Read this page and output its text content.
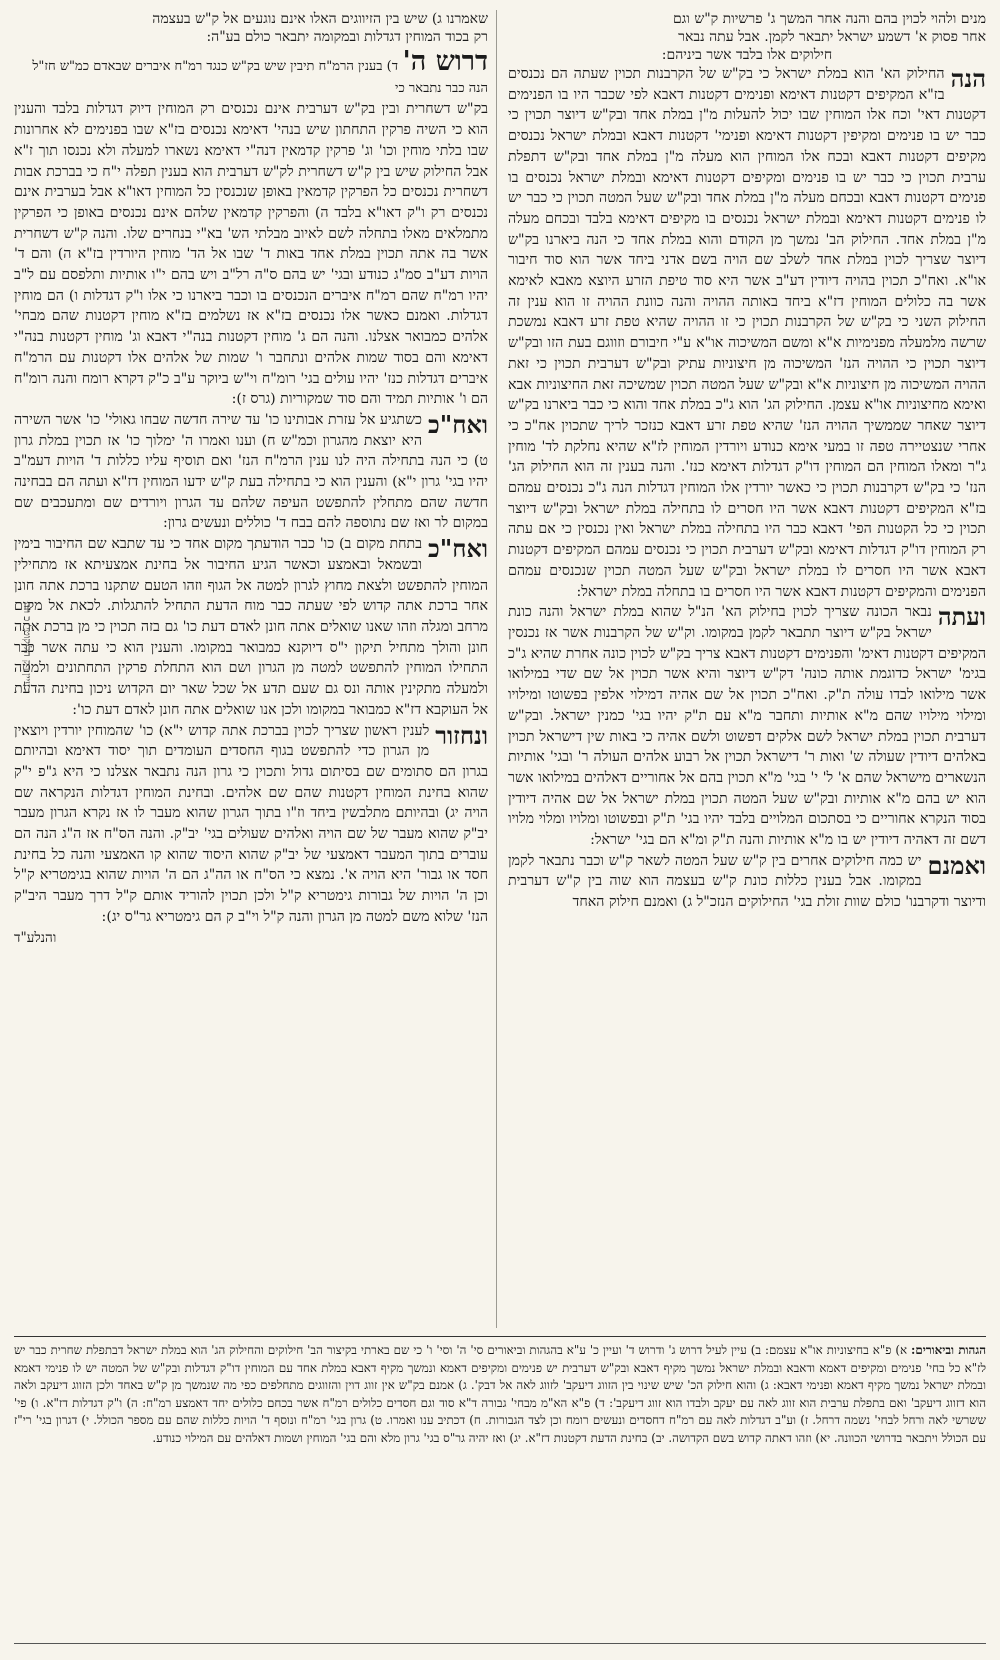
מנים ולהוי לכוין בהם והנה אחר המשך ג' פרשיות ק"ש וגם

אחר פסוק א' דשמע ישראל יתבאר לקמן. אבל עתה נבאר

חילוקים אלו בלבד אשר ביניהם:

הנה
החילוק הא' הוא במלת ישראל כי בק"ש של הקרבנות תכוין שעתה הם נכנסים בז"א המקיפים דקטנות דאימא ופנימים דקטנות דאבא לפי שכבר היו בו הפנימים דקטנות דאי' וכח אלו המוחין שבו יכול להעלות מ"ן במלת אחד ובק"ש דיוצר תכוין כי כבר יש בו פנימים ומקיפין דקטנות דאימא ופנימי' דקטנות דאבא ובמלת ישראל נכנסים מקיפים דקטנות דאבא ובכח אלו המוחין הוא מעלה מ"ן במלת אחד ובק"ש דתפלת ערבית תכוין כי כבר יש בו פנימים ומקיפים דקטנות דאימא ובמלת ישראל נכנסים בו פנימים דקטנות דאבא ובכחם מעלה מ"ן במלת אחד ובק"ש שעל המטה תכוין כי כבר יש לו פנימים דקטנות דאימא ובמלת ישראל נכנסים בו מקיפים דאימא בלבד ובכחם מעלה מ"ן במלת אחד. החילוק הב' נמשך מן הקודם והוא במלת אחד כי הנה ביארנו בק"ש דיוצר שצריך לכוין במלת אחד לשלב שם הויה בשם אדני ביחד אשר הוא סוד חיבור או"א. ואח"כ תכוין בהויה דיודין דע"ב אשר היא סוד טיפת הזרע היוצא מאבא לאימא אשר בה כלולים המוחין דז"א ביחד באותה ההויה והנה כוונת ההויה זו הוא ענין זה החילוק השני כי בק"ש של הקרבנות תכוין כי זו ההויה שהיא טפת זרע דאבא נמשכת שרשה מלמעלה מפנימיות א"א ומשם המשיכוה או"א ע"י חיבורם וזווגם בעת הזו ובק"ש דיוצר תכוין כי ההויה הנז' המשיכוה מן חיצוניות עתיק ובק"ש דערבית תכוין כי זאת ההויה המשיכוה מן חיצוניות א"א ובק"ש שעל המטה תכוין שמשיכה זאת החיצוניות אבא ואימא מחיצוניות או"א עצמן. החילוק הג' הוא ג"כ במלת אחד והוא כי כבר ביארנו בק"ש דיוצר שאחר שממשיך ההויה הנז' שהיא טפת זרע דאבא כנזכר לריך שתכוין אח"כ כי אחרי שנצטיירה טפה זו במעי אימא כנודע ויורדין המוחין לז"א שהיא נחלקת לד' מוחין ג"ר ומאלו המוחין הם המוחין דו"ק דגדלות דאימא כנז'. והנה בענין זה הוא החילוק הג' הנז' כי בק"ש דקרבנות תכוין כי כאשר יורדין אלו המוחין דגדלות הנה ג"כ נכנסים עמהם בז"א המקיפים דקטנות דאבא אשר היו חסרים לו בתחילה במלת ישראל ובק"ש דיוצר תכוין כי כל הקטנות הפי' דאבא כבר היו בתחילה במלת ישראל ואין נכנסין כי אם עתה רק המוחין דו"ק דגדלות דאימא ובק"ש דערבית תכוין כי נכנסים עמהם המקיפים דקטנות דאבא אשר היו חסרים לו במלת ישראל ובק"ש שעל המטה תכוין שנכנסים עמהם הפנימים והמקיפים דקטנות דאבא אשר היו חסרים בו בתחלה במלת ישראל:

ועתה
נבאר הכונה שצריך לכוין בחילוק הא' הנ"ל שהוא במלת ישראל והנה כונת ישראל בק"ש דיוצר תתבאר לקמן במקומו. וק"ש של הקרבנות אשר אז נכנסין המקיפים דקטנות דאימ' והפנימים דקטנות דאבא צריך בק"ש לכוין כונה אחרת שהיא ג"כ בגימ' ישראל כדוגמת אותה כונה' דק"ש דיוצר והיא אשר תכוין אל שם שדי במילואו אשר מילואו לבדו עולה ת"ק. ואח"כ תכוין אל שם אהיה דמילוי אלפין בפשוטו ומילויו ומילוי מילויו שהם מ"א אותיות ותחבר מ"א עם ת"ק יהיו בגי' כמנין ישראל. ובק"ש דערבית תכוין במלת ישראל לשם אלקים דפשוט ולשם אהיה כי באות שין דישראל תכוין באלהים דיודין שעולה ש' ואות ר' דישראל תכוין אל רבוע אלהים העולה ר' ובגי' אותיות הנשארים מישראל שהם א' ל' י' בגי' מ"א תכוין בהם אל אחוריים דאלהים במילואו אשר הוא יש בהם מ"א אותיות ובק"ש שעל המטה תכוין במלת ישראל אל שם אהיה דיודין בסוד הנקרא אחוריים כי בסתכום המלויים בלבד יהיו בגי' ת"ק ובפשוטו ומלויו ומלוי מלויו דשם זה דאהיה דיודין יש בו מ"א אותיות והנה ת"ק ומ"א הם בגי' ישראל:

ואמנם
יש כמה חילוקים אחרים בין ק"ש שעל המטה לשאר ק"ש וכבר נתבאר לקמן במקומו. אבל בענין כללות כונת ק"ש בעצמה הוא שוה בין ק"ש דערבית ודיוצר ודקרבנו' כולם שוות זולת בגי' החילוקים הנזכ"ל ג) ואמנם חילוק האחד

שאמרנו ג) שיש בין הזיווגים האלו אינם נוגעים אל ק"ש בעצמה

רק בכוד המוחין דגדלות ובמקומה יתבאר כולם בע"ה:

דרוש ה' ד) בענין הרמ"ח תיבין שיש בק"ש כנגד רמ"ח איברים שבאדם כמ"ש חז"ל הנה כבר נתבאר כי

בק"ש דשחרית ובין בק"ש דערבית אינם נכנסים רק המוחין דיוק דגדלות בלבד והענין הוא כי השיה פרקין התחתון שיש בנהי' דאימא נכנסים בז"א שבו בפנימים לא אחרונות שבו בלתי מוחין וכו' וג' פרקין קדמאין דנה"י דאימא נשארו למעלה ולא נכנסו תוך ז"א אבל החילוק שיש בין ק"ש דשחרית לק"ש דערבית הוא בענין תפלה י"ח כי בברכת אבות דשחרית נכנסים כל הפרקין קדמאין באופן שנכנסין כל המוחין דאו"א אבל בערבית אינם נכנסים רק ו"ק דאו"א בלבד ה) והפרקין קדמאין שלהם אינם נכנסים באופן כי הפרקין מתמלאים מאלו בתחלה לשם לאיוב מבלתי הש' בא"י בנחרים שלו. והנה ק"ש דשחרית אשר בה אתה תכוין במלת אחד באות ד' שבו אל הד' מוחין היורדין בז"א ה) והם ד' הויות דע"ב סמ"ג כנודע ובגי' יש בהם ס"ה רל"ב ויש בהם י"ו אותיות ותלפסם עם ל"ב יהיו רמ"ח שהם רמ"ח איברים הנכנסים בו וכבר ביארנו כי אלו ו"ק דגדלות ו) הם מוחין דגדלות. ואמנם כאשר אלו נכנסים בז"א אז נשלמים בז"א מוחין דקטנות שהם מבחי' אלהים כמבואר אצלנו. והנה הם ג' מוחין דקטנות בנה"י דאבא וג' מוחין דקטנות בנה"י דאימא והם בסוד שמות אלהים ונתחבר ו' שמות של אלהים אלו דקטנות עם הרמ"ח איברים דגדלות כנז' יהיו עולים בגי' רומ"ח וי"ש ביוקר ע"ב כ"ק דקרא רומח והנה רומ"ח הם ו' אותיות תמיד והם סוד שמקוריות (גרס ז):

ואח"כ
כשתגיע אל עזרת אבותינו כו' עד שירה חדשה שבחו גאולי' כו' אשר השירה היא יוצאת מהגרון וכמ"ש ח) וענו ואמרו ה' ימלוך כו' אז תכוין במלת גרון ט) כי הנה בתחילה היה לנו ענין הרמ"ח הנז' ואם תוסיף עליו כללות ד' הויות דעמ"ב יהיו בגי' גרון י"א) והענין הוא כי בתחילה בעת ק"ש ידעו המוחין דז"א ועתה הם בבחינה חדשה שהם מתחלין להתפשט העיפה שלהם עד הגרון ויורדים שם ומתעכבים שם במקום לר ואז שם נתוספה להם בבח ד' כוללים ונעשים גרון:

ואח"כ
בתחת מקום ב) כו' כבר הודעתך מקום אחד כי עד שתבא שם החיבור בימין ובשמאל ובאמצע וכאשר הגיע החיבור אל בחינת אמצעיתא אז מתחילין המוחין להתפשט ולצאת מחוץ לגרון למטה אל הגוף וזהו הטעם שתקנו ברכת אתה חונן אחר ברכת אתה קדוש לפי שעתה כבר מוח הדעת התחיל להתגלות. לכאת אל מקום מרחב ומגלה וזהו שאנו שואלים אתה חונן לאדם דעת כו' גם בזה תכוין כי מן ברכת אתה חונן והולך מתחיל תיקון י"ס דיוקנא כמבואר במקומו. והענין הוא כי עתה אשר כבר התחילו המוחין להתפשט למטה מן הגרון ושם הוא התחלת פרקין התחתונים ולמטה ולמעלה מתקינין אותה ונס גם שעם תדע אל שכל שאר יום הקדוש ניכון בחינת הדעת אל העוקבא דז"א כמבואר במקומו ולכן אנו שואלים אתה חונן לאדם דעת כו':

ונחזור
לענין ראשון שצריך לכוין בברכת אתה קדוש י"א) כו' שהמוחין יורדין ויוצאין מן הגרון כדי להתפשט בגוף החסדים העומדים תוך יסוד דאימא ובהיותם בגרון הם סתומים שם בסיתום גדול ותכוין כי גרון הנה נתבאר אצלנו כי היא ג"פ י"ק שהוא בחינת המוחין דקטנות שהם שם אלהים. ובחינת המוחין דגדלות הנקראה שם הויה יג) ובהיותם מתלבשין ביחד וז"ו בתוך הגרון שהוא מעבר לו אז נקרא הגרון מעבר יב"ק שהוא מעבר של שם הויה ואלהים שעולים בגי' יב"ק. והנה הס"ח אז ה"ג הנה הם עוברים בתוך המעבר דאמצעי של יב"ק שהוא היסוד שהוא קו האמצעי והנה כל בחינת חסד או גבור' היא הויה א'. נמצא כי הס"ח או הה"ג הם ה' הויות שהוא בגימטריא ק"ל וכן ה' הויות של גבורות גימטריא ק"ל ולכן תכוין להוריד אותם ק"ל דרך מעבר היב"ק הנז' שלוא משם למטה מן הגרון והנה ק"ל וי"ב ק הם גימטריא גר"ס יג):

והנלע"ד

עיין רק הליקוטי' כ וזה
הגהות וביאורים: א) פ"א בחיצוניות או"א עצמם: ב) עיין לעיל דרוש ג' ודרוש ד' ועיין כ' ע"א בהגהות וביאורים סי' ה' וסי' ו' כי שם בארתי בקיצור הב' חילוקים והחילוק הג' הוא במלת ישראל דבתפלת שחרית כבר יש לז"א כל בחי' פנימים ומקיפים דאמא ודאבא ובמלת ישראל נמשך מקיף דאבא ובק"ש דערבית יש פנימים ומקיפים דאמא ונמשך מקיף דאבא במלת אחד עם המוחין דו"ק דגדלות ובק"ש של המטה יש לו פנימי דאמא ובמלת ישראל נמשך מקיף דאמא ופנימי דאבא: ג) והוא חילוק הכ' שיש שינוי בין הזווג דיעקב' לזווג לאה אל דבק'. ג) אמנם בק"ש אין זווג דוין והזווגים מתחלפים כפי מה שנמשך מן ק"ש באחד ולכן הזווג דיעקב ולאה הוא דזווג דיעקב' ואם בתפלת ערבית הוא זווג לאה עם יעקב ולבדו הוא זווג דיעקב': ד) פ"א הא"מ מבחי' גבורה ד"א סוד וגם חסדים כלולים רמ"ח אשר בכחם כלולים יחד דאמצע רמ"ח: ה) ו"ק דגדלות דז"א. ו) פי' ששרשי לאה ורחל לבחי' נשמה דרחל. ז) וע"ב דגדלות לאה עם רמ"ח דחסדים ונעשים רומח וכן לצד הגבורות. ח) דכתיב ענו ואמרו. ט) גרון בגי' רמ"ח ונוסף ד' הויות כללות שהם עם מספר הכולל. י) דגרון בגי' רי"ז עם הכולל ויתבאר בדרושי הכוונה. יא) וזהו דאתה קדוש בשם הקדושה. יב) בחינת הדעת דקטנות דז"א. יג) ואז יהיה גר"ס בגי' גרון מלא והם בגי' המוחין ושמות דאלהים עם המילוי כנודע.
